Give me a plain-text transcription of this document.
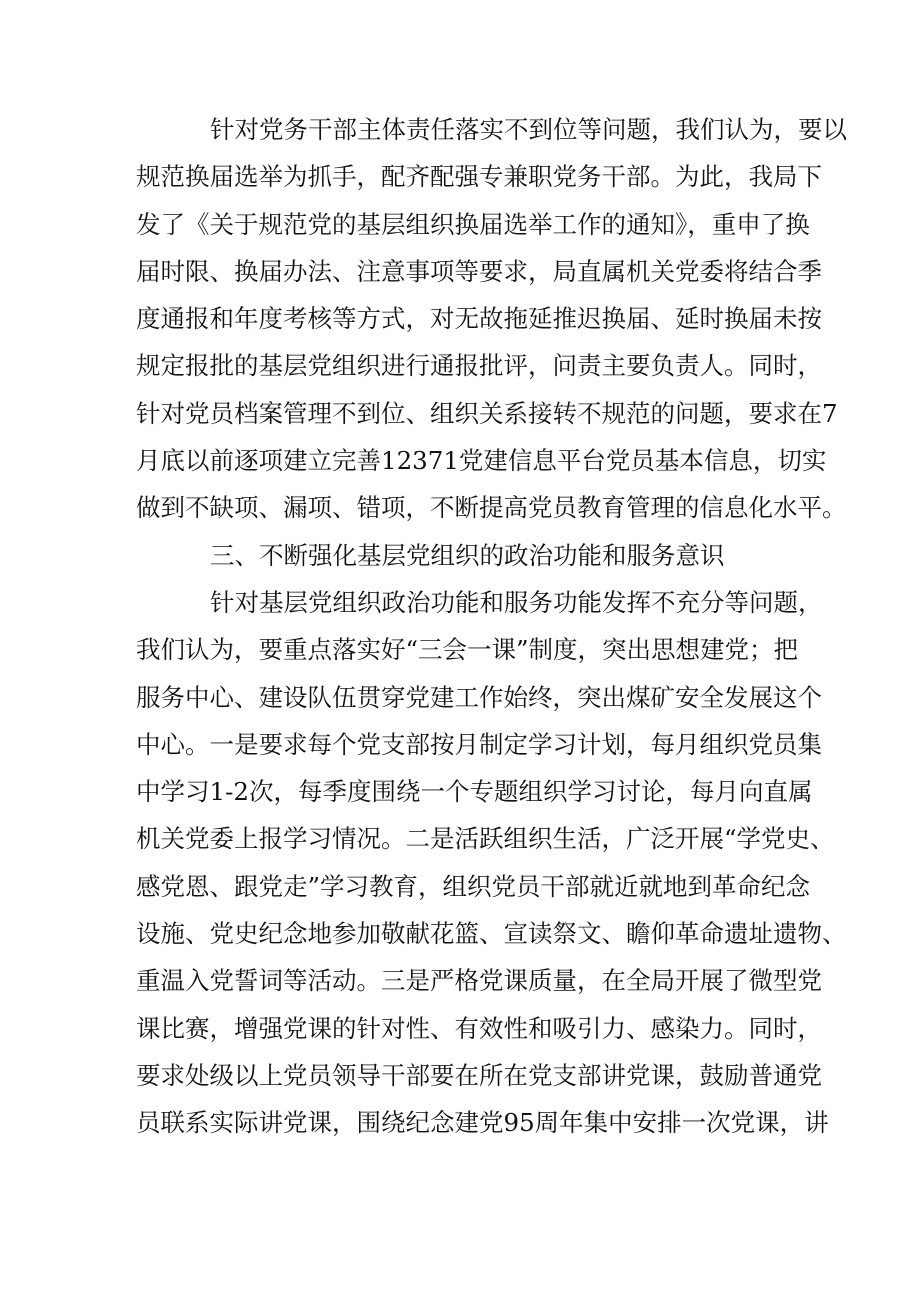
针对党务干部主体责任落实不到位等问题，我们认为，要以
规范换届选举为抓手，配齐配强专兼职党务干部。为此，我局下
发了《关于规范党的基层组织换届选举工作的通知》，重申了换
届时限、换届办法、注意事项等要求，局直属机关党委将结合季
度通报和年度考核等方式，对无故拖延推迟换届、延时换届未按
规定报批的基层党组织进行通报批评，问责主要负责人。同时，
针对党员档案管理不到位、组织关系接转不规范的问题，要求在7
月底以前逐项建立完善12371党建信息平台党员基本信息，切实
做到不缺项、漏项、错项，不断提高党员教育管理的信息化水平。
三、不断强化基层党组织的政治功能和服务意识
针对基层党组织政治功能和服务功能发挥不充分等问题，
我们认为，要重点落实好“三会一课”制度，突出思想建党；把
服务中心、建设队伍贯穿党建工作始终，突出煤矿安全发展这个
中心。一是要求每个党支部按月制定学习计划，每月组织党员集
中学习1-2次，每季度围绕一个专题组织学习讨论，每月向直属
机关党委上报学习情况。二是活跃组织生活，广泛开展“学党史、
感党恩、跟党走”学习教育，组织党员干部就近就地到革命纪念
设施、党史纪念地参加敬献花篮、宣读祭文、瞻仰革命遗址遗物、
重温入党誓词等活动。三是严格党课质量，在全局开展了微型党
课比赛，增强党课的针对性、有效性和吸引力、感染力。同时，
要求处级以上党员领导干部要在所在党支部讲党课，鼓励普通党
员联系实际讲党课，围绕纪念建党95周年集中安排一次党课，讲
